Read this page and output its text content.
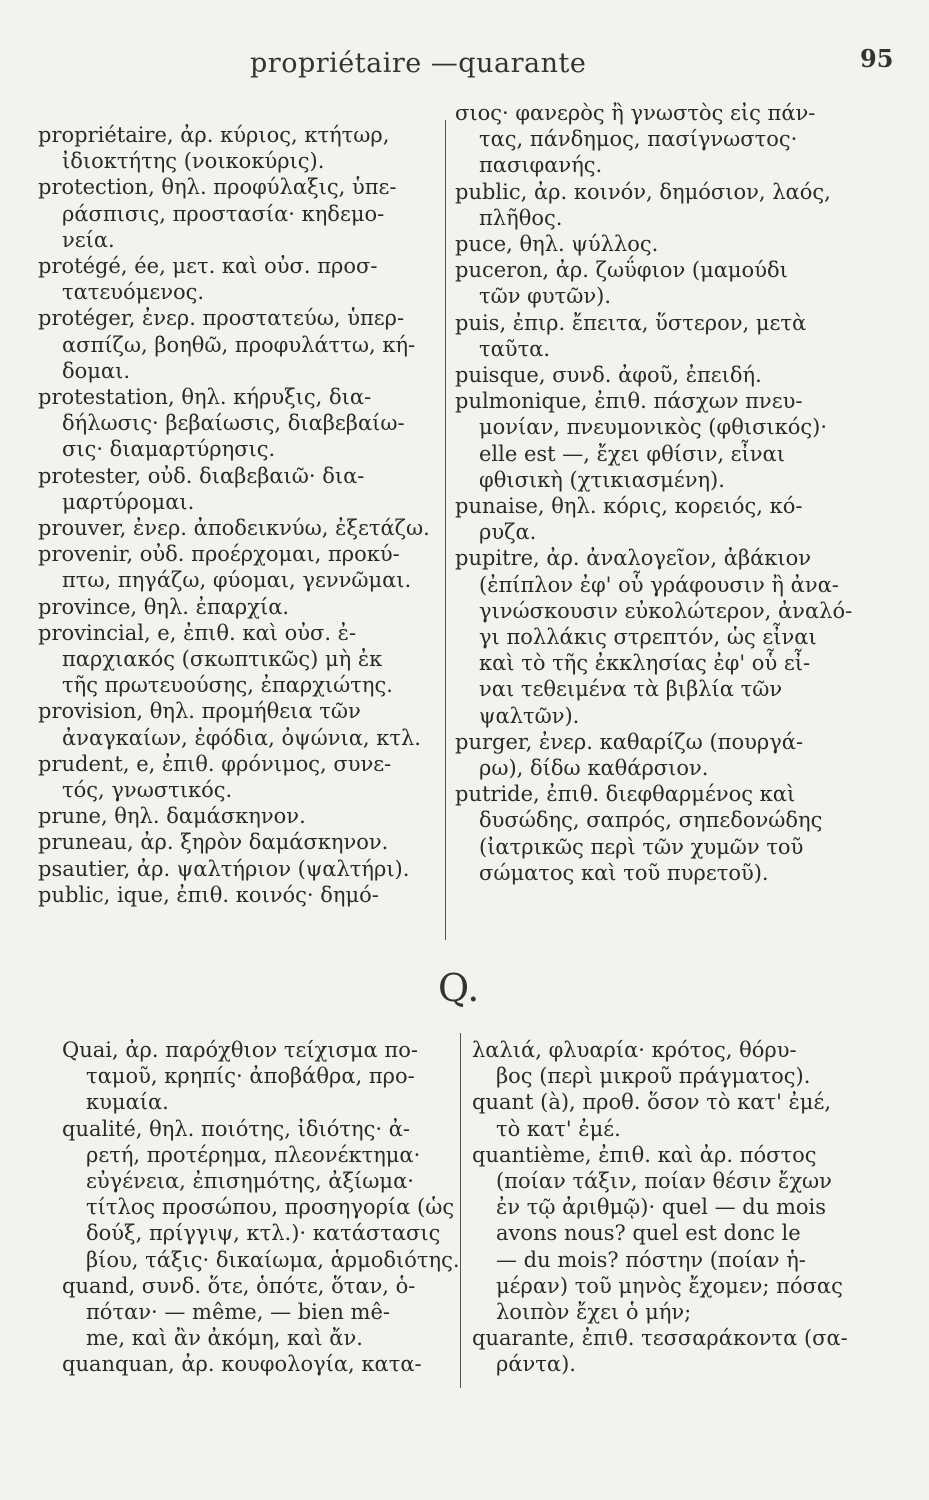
propriétaire —quarante	95
propriétaire, ἀρ. κύριος, κτήτωρ,
ἰδιοκτήτης (νοικοκύρις).
protection, θηλ. προφύλαξις, ὑπε-
ράσπισις, προστασία· κηδεμο-
νεία.
protégé, ée, μετ. καὶ οὐσ. προσ-
τατευόμενος.
protéger, ἐνερ. προστατεύω, ὑπερ-
ασπίζω, βοηθῶ, προφυλάττω, κή-
δομαι.
protestation, θηλ. κήρυξις, δια-
δήλωσις· βεβαίωσις, διαβεβαίω-
σις· διαμαρτύρησις.
protester, οὐδ. διαβεβαιῶ· δια-
μαρτύρομαι.
prouver, ἐνερ. ἀποδεικνύω, ἐξετάζω.
provenir, οὐδ. προέρχομαι, προκύ-
πτω, πηγάζω, φύομαι, γεννῶμαι.
province, θηλ. ἐπαρχία.
provincial, e, ἐπιθ. καὶ οὐσ. ἐ-
παρχιακός (σκωπτικῶς) μὴ ἐκ
τῆς πρωτευούσης, ἐπαρχιώτης.
provision, θηλ. προμήθεια τῶν
ἀναγκαίων, ἐφόδια, ὀψώνια, κτλ.
prudent, e, ἐπιθ. φρόνιμος, συνε-
τός, γνωστικός.
prune, θηλ. δαμάσκηνον.
pruneau, ἀρ. ξηρὸν δαμάσκηνον.
psautier, ἀρ. ψαλτήριον (ψαλτήρι).
public, ique, ἐπιθ. κοινός· δημό-
σιος· φανερὸς ἢ γνωστὸς εἰς πάν-
τας, πάνδημος, πασίγνωστος·
πασιφανής.
public, ἀρ. κοινόν, δημόσιον, λαός,
πλῆθος.
puce, θηλ. ψύλλος.
puceron, ἀρ. ζωΰφιον (μαμούδι
τῶν φυτῶν).
puis, ἐπιρ. ἔπειτα, ὕστερον, μετὰ
ταῦτα.
puisque, συνδ. ἀφοῦ, ἐπειδή.
pulmonique, ἐπιθ. πάσχων πνευ-
μονίαν, πνευμονικὸς (φθισικός)·
elle est —, ἔχει φθίσιν, εἶναι
φθισικὴ (χτικιασμένη).
punaise, θηλ. κόρις, κορειός, κό-
ρυζα.
pupitre, ἀρ. ἀναλογεῖον, ἀβάκιον
(ἐπίπλον ἐφ' οὗ γράφουσιν ἢ ἀνα-
γινώσκουσιν εὐκολώτερον, ἀναλό-
γι πολλάκις στρεπτόν, ὡς εἶναι
καὶ τὸ τῆς ἐκκλησίας ἐφ' οὗ εἶ-
ναι τεθειμένα τὰ βιβλία τῶν
ψαλτῶν).
purger, ἐνερ. καθαρίζω (πουργά-
ρω), δίδω καθάρσιον.
putride, ἐπιθ. διεφθαρμένος καὶ
δυσώδης, σαπρός, σηπεδονώδης
(ἰατρικῶς περὶ τῶν χυμῶν τοῦ
σώματος καὶ τοῦ πυρετοῦ).
Q.
Quai, ἀρ. παρόχθιον τείχισμα πο-
ταμοῦ, κρηπίς· ἀποβάθρα, προ-
κυμαία.
qualité, θηλ. ποιότης, ἰδιότης· ἀ-
ρετή, προτέρημα, πλεονέκτημα·
εὐγένεια, ἐπισημότης, ἀξίωμα·
τίτλος προσώπου, προσηγορία (ὡς
δούξ, πρίγγιψ, κτλ.)· κατάστασις
βίου, τάξις· δικαίωμα, ἁρμοδιότης.
quand, συνδ. ὅτε, ὁπότε, ὅταν, ὁ-
πόταν· — même, — bien mê-
me, καὶ ἂν ἀκόμη, καὶ ἄν.
quanquan, ἀρ. κουφολογία, κατα-
λαλιά, φλυαρία· κρότος, θόρυ-
βος (περὶ μικροῦ πράγματος).
quant (à), προθ. ὅσον τὸ κατ' ἐμέ,
τὸ κατ' ἐμέ.
quantième, ἐπιθ. καὶ ἀρ. πόστος
(ποίαν τάξιν, ποίαν θέσιν ἔχων
ἐν τῷ ἀριθμῷ)· quel — du mois
avons nous? quel est donc le
— du mois? πόστην (ποίαν ἡ-
μέραν) τοῦ μηνὸς ἔχομεν; πόσας
λοιπὸν ἔχει ὁ μήν;
quarante, ἐπιθ. τεσσαράκοντα (σα-
ράντα).
